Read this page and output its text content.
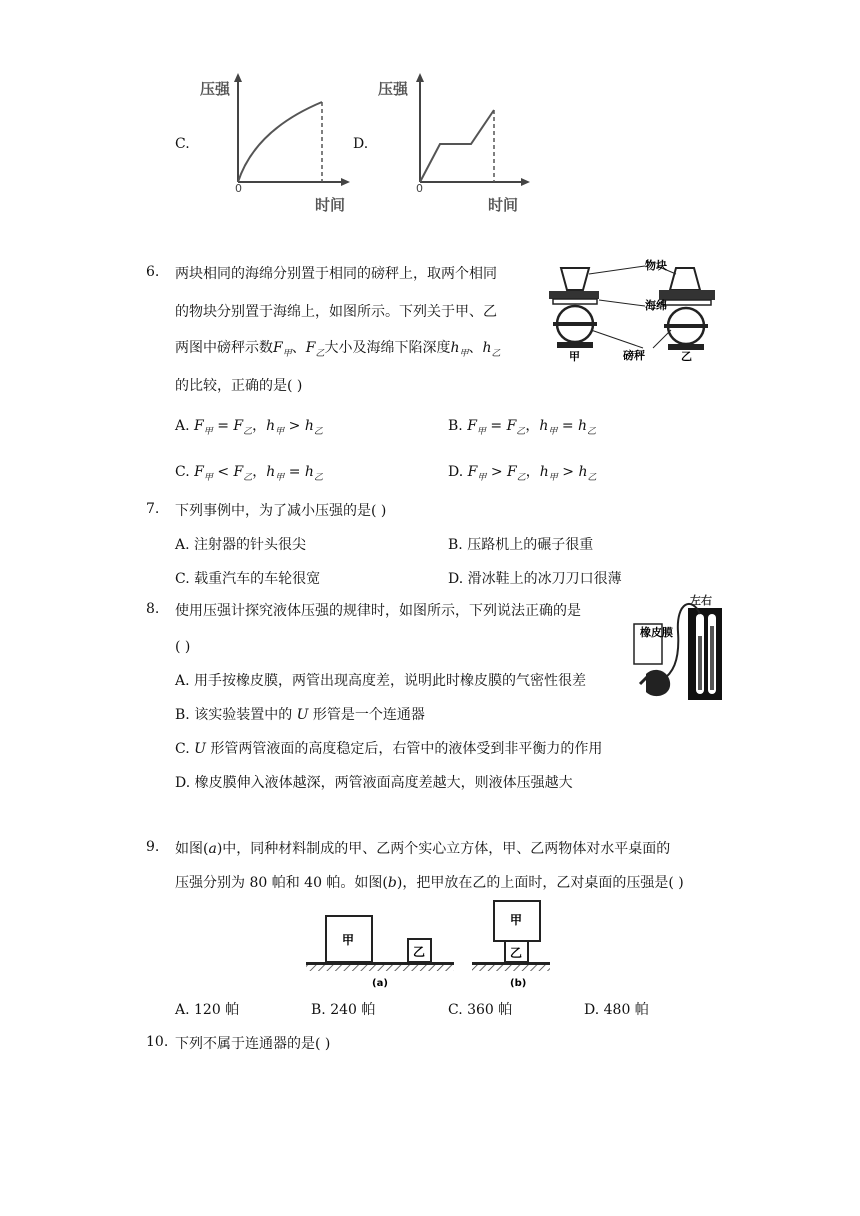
C.
压强
0
时间
D.
压强
0
时间
6. 两块相同的海绵分别置于相同的磅秤上，取两个相同
的物块分别置于海绵上，如图所示。下列关于甲、乙
两图中磅秤示数$F_甲$、$F_乙$大小及海绵下陷深度$h_甲$、$h_乙$
的比较，正确的是( )
物块
海绵
磅秤
甲	乙
A. $F_甲 = F_乙$，$h_甲 > h_乙$	B. $F_甲 = F_乙$，$h_甲 = h_乙$
C. $F_甲 < F_乙$，$h_甲 = h_乙$	D. $F_甲 > F_乙$，$h_甲 > h_乙$
7. 下列事例中，为了减小压强的是( )
A. 注射器的针头很尖	B. 压路机上的碾子很重
C. 载重汽车的车轮很宽	D. 滑冰鞋上的冰刀刀口很薄
8. 使用压强计探究液体压强的规律时，如图所示，下列说法正确的是
( )
A. 用手按橡皮膜，两管出现高度差，说明此时橡皮膜的气密性很差
B. 该实验装置中的 U 形管是一个连通器
C. U 形管两管液面的高度稳定后，右管中的液体受到非平衡力的作用
D. 橡皮膜伸入液体越深，两管液面高度差越大，则液体压强越大
左右
橡皮膜
9. 如图(a)中，同种材料制成的甲、乙两个实心立方体，甲、乙两物体对水平桌面的
压强分别为 80 帕和 40 帕。如图(b)，把甲放在乙的上面时，乙对桌面的压强是( )
甲
乙
(a)
甲
乙
(b)
A. 120 帕	B. 240 帕	C. 360 帕	D. 480 帕
10. 下列不属于连通器的是( )
